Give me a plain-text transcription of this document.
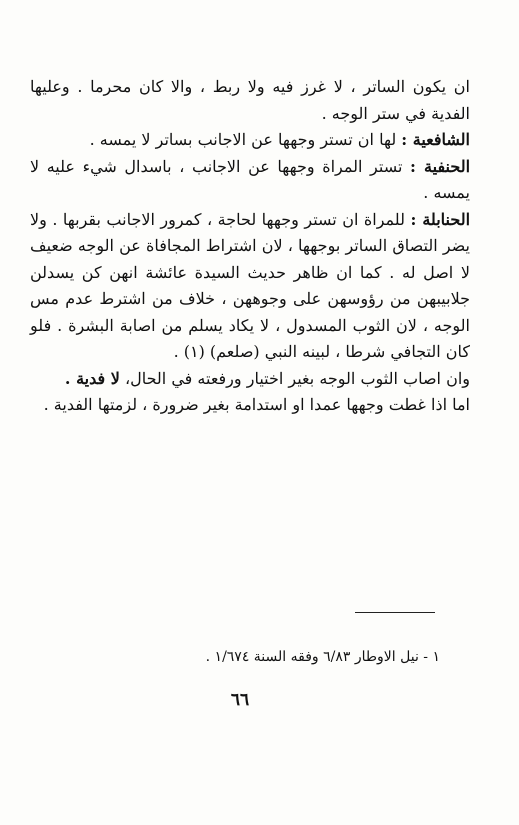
ان يكون الساتر ، لا غرز فيه ولا ربط ، والا كان محرما . وعليها الفدية في ستر الوجه .

الشافعية : لها ان تستر وجهها عن الاجانب بساتر لا يمسه .

الحنفية : تستر المراة وجهها عن الاجانب ، باسدال شيء عليه لا يمسه .

الحنابلة : للمراة ان تستر وجهها لحاجة ، كمرور الاجانب بقربها . ولا يضر التصاق الساتر بوجهها ، لان اشتراط المجافاة عن الوجه ضعيف لا اصل له . كما ان ظاهر حديث السيدة عائشة انهن كن يسدلن جلابيبهن من رؤوسهن على وجوههن ، خلاف من اشترط عدم مس الوجه ، لان الثوب المسدول ، لا يكاد يسلم من اصابة البشرة . فلو كان التجافي شرطا ، لبينه النبي (صلعم) (١) .

وان اصاب الثوب الوجه بغير اختيار ورفعته في الحال، لا فدية .

اما اذا غطت وجهها عمدا او استدامة بغير ضرورة ، لزمتها الفدية .

١ - نيل الاوطار ٦/٨٣ وفقه السنة ١/٦٧٤ .
٦٦
